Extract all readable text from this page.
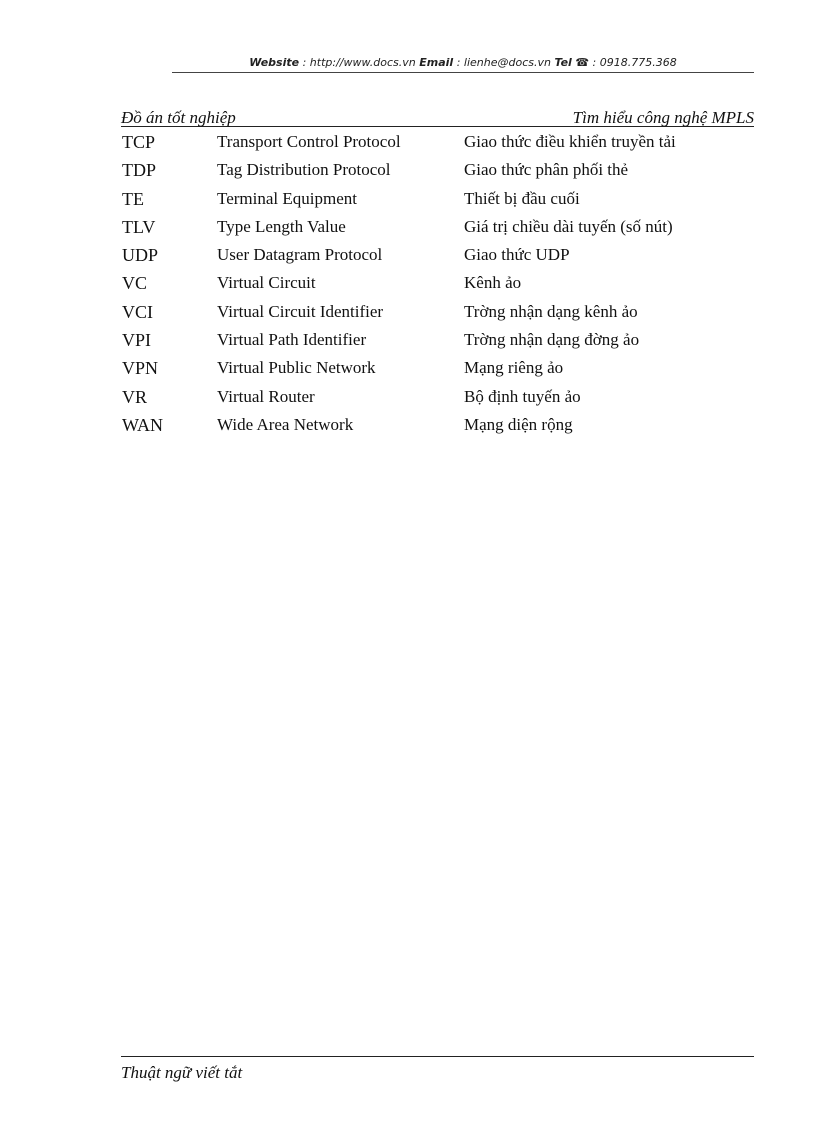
Website : http://www.docs.vn Email : lienhe@docs.vn Tel ☎ : 0918.775.368
Đồ án tốt nghiệp	Tìm hiểu công nghệ MPLS
TCP	Transport Control Protocol	Giao thức điều khiển truyền tải
TDP	Tag Distribution Protocol	Giao thức phân phối thẻ
TE	Terminal Equipment	Thiết bị đầu cuối
TLV	Type Length Value	Giá trị chiều dài tuyến (số nút)
UDP	User Datagram Protocol	Giao thức UDP
VC	Virtual Circuit	Kênh ảo
VCI	Virtual Circuit Identifier	Trờng nhận dạng kênh ảo
VPI	Virtual Path Identifier	Trờng nhận dạng đờng ảo
VPN	Virtual Public Network	Mạng riêng ảo
VR	Virtual Router	Bộ định tuyến ảo
WAN	Wide Area Network	Mạng diện rộng
Thuật ngữ viết tắt
